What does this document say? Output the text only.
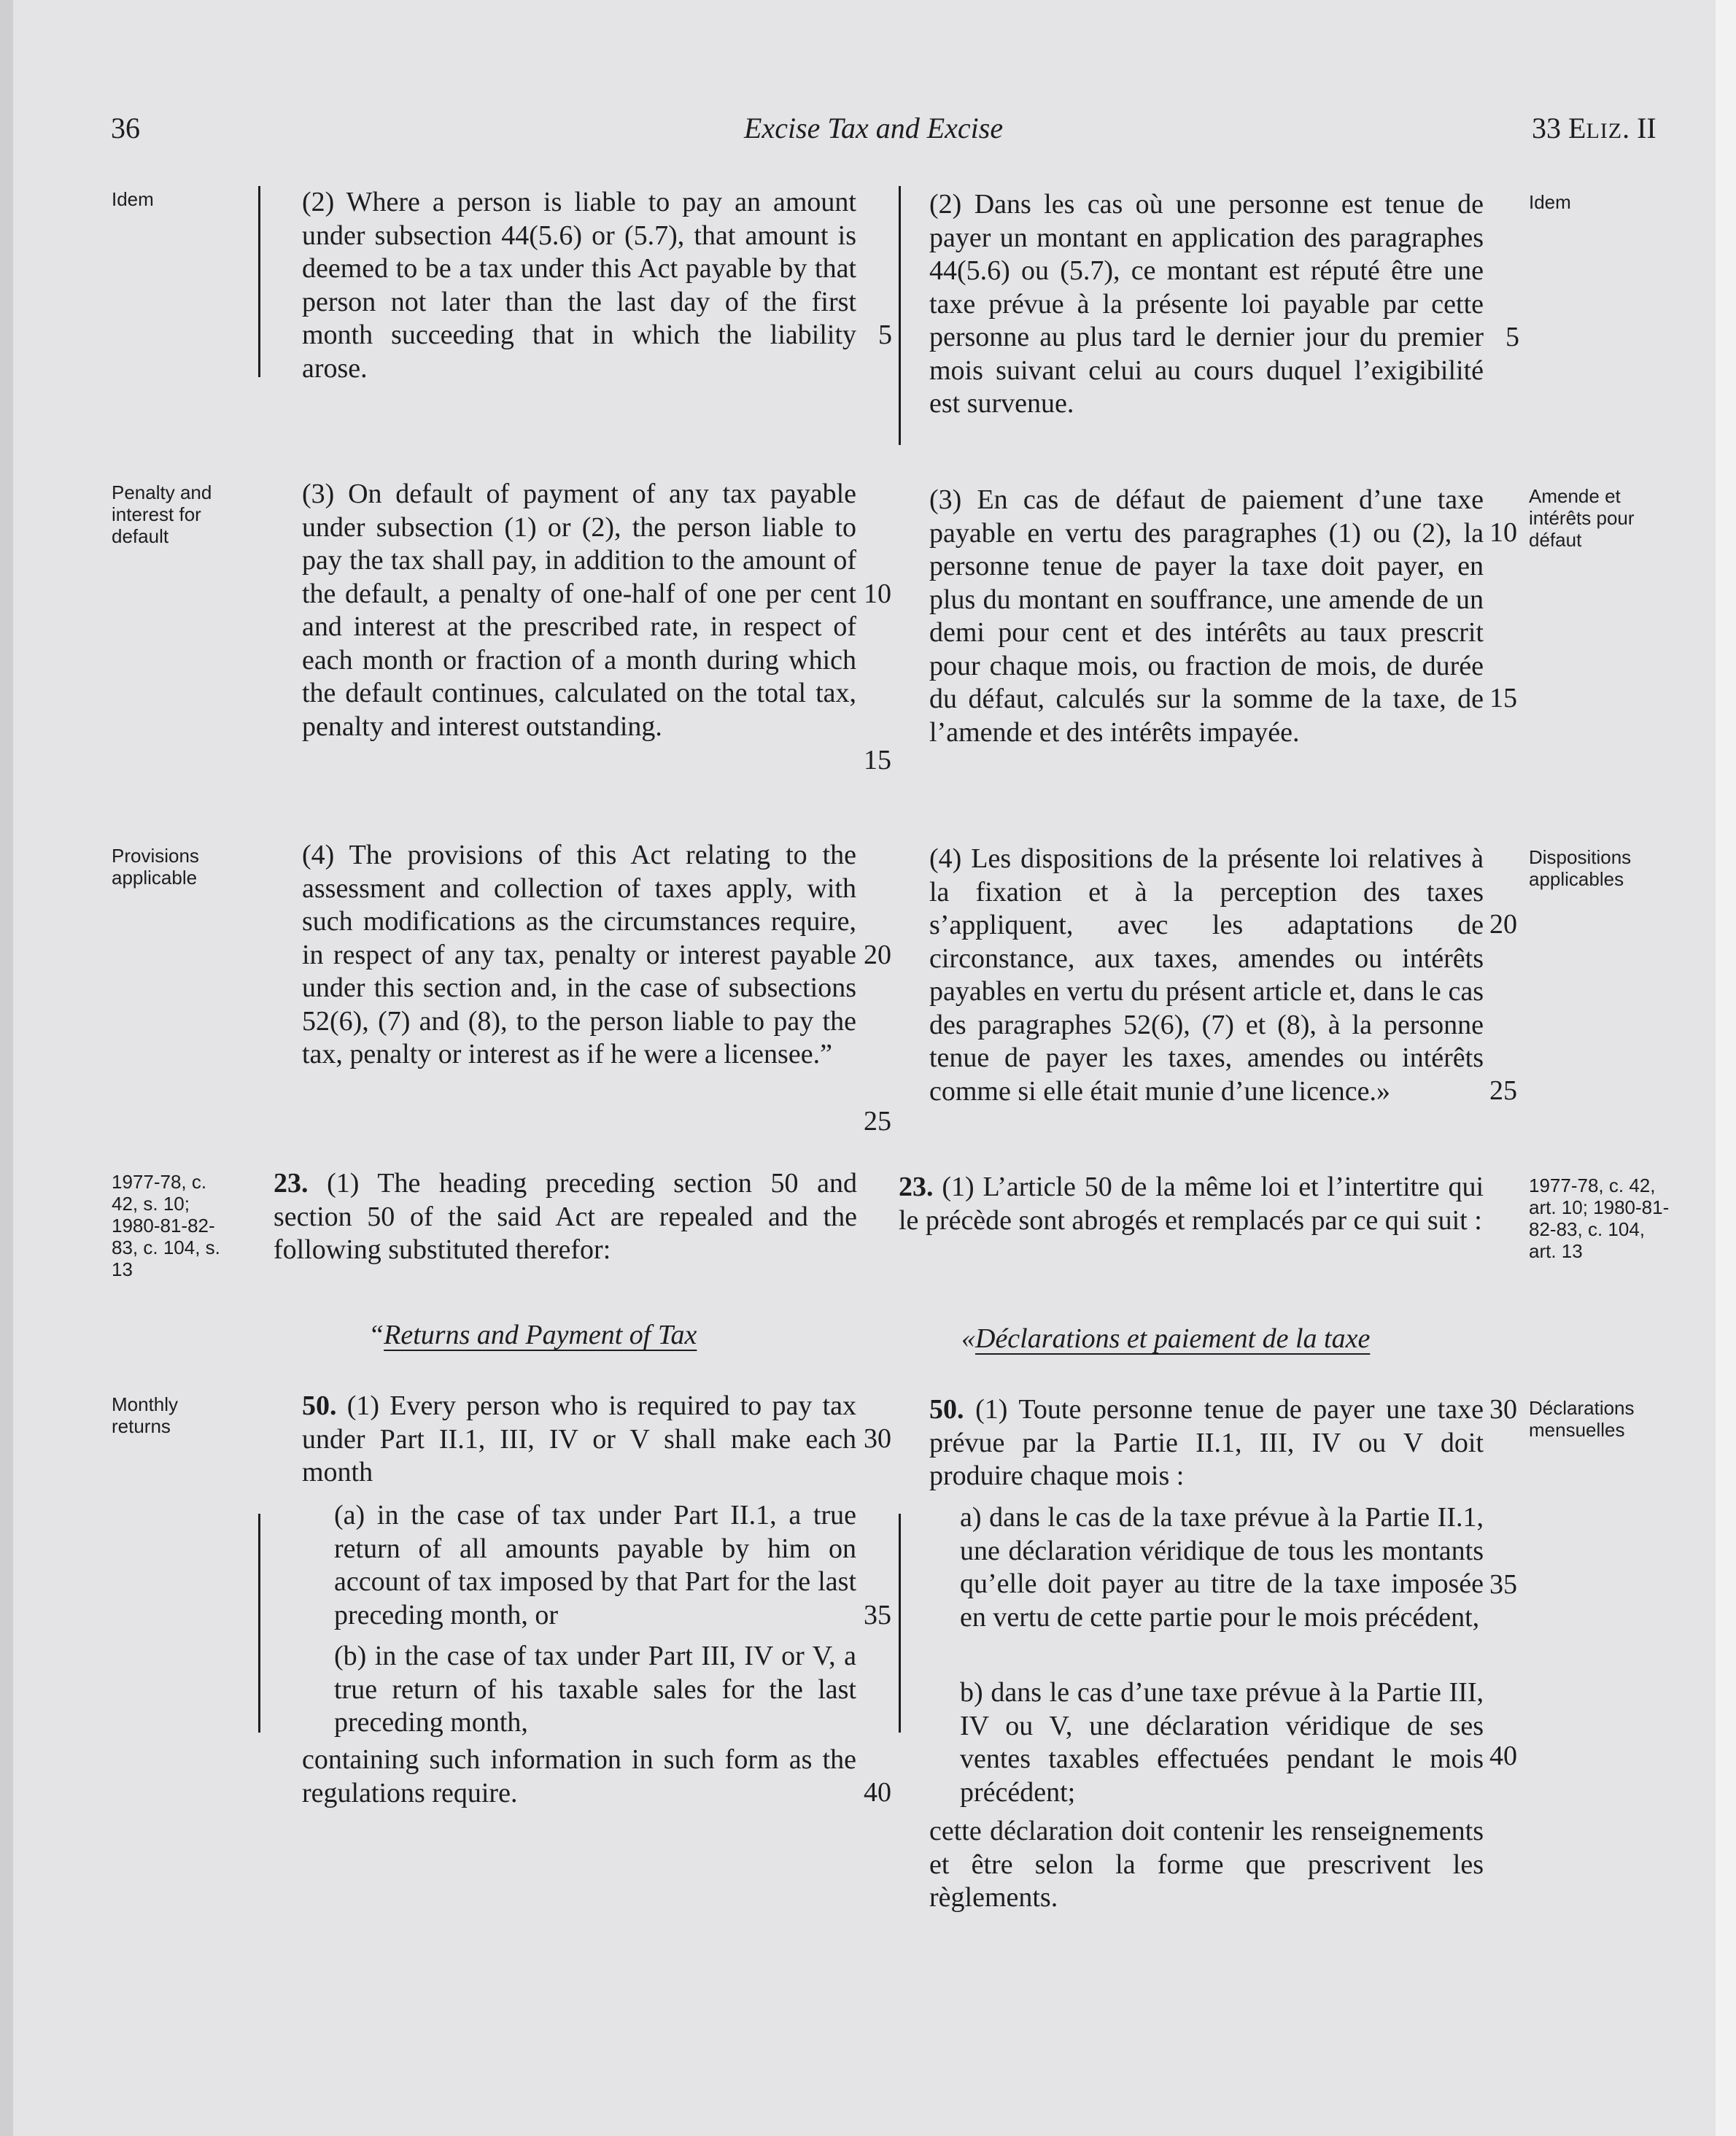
36	Excise Tax and Excise	33 ELIZ. II
Idem
Penalty and interest for default
Provisions applicable
1977-78, c. 42, s. 10; 1980-81-82-83, c. 104, s. 13
Monthly returns
Idem
Amende et intérêts pour défaut
Dispositions applicables
1977-78, c. 42, art. 10; 1980-81-82-83, c. 104, art. 13
Déclarations mensuelles

(2) Where a person is liable to pay an amount under subsection 44(5.6) or (5.7), that amount is deemed to be a tax under this Act payable by that person not later than the last day of the first month succeeding that in which the liability arose.

(3) On default of payment of any tax payable under subsection (1) or (2), the person liable to pay the tax shall pay, in addition to the amount of the default, a penalty of one-half of one per cent and interest at the prescribed rate, in respect of each month or fraction of a month during which the default continues, calculated on the total tax, penalty and interest outstanding.

(4) The provisions of this Act relating to the assessment and collection of taxes apply, with such modifications as the circumstances require, in respect of any tax, penalty or interest payable under this section and, in the case of subsections 52(6), (7) and (8), to the person liable to pay the tax, penalty or interest as if he were a licensee.”

23. (1) The heading preceding section 50 and section 50 of the said Act are repealed and the following substituted therefor:

“Returns and Payment of Tax

50. (1) Every person who is required to pay tax under Part II.1, III, IV or V shall make each month

(a) in the case of tax under Part II.1, a true return of all amounts payable by him on account of tax imposed by that Part for the last preceding month, or

(b) in the case of tax under Part III, IV or V, a true return of his taxable sales for the last preceding month,

containing such information in such form as the regulations require.

(2) Dans les cas où une personne est tenue de payer un montant en application des paragraphes 44(5.6) ou (5.7), ce montant est réputé être une taxe prévue à la présente loi payable par cette personne au plus tard le dernier jour du premier mois suivant celui au cours duquel l’exigibilité est survenue.

(3) En cas de défaut de paiement d’une taxe payable en vertu des paragraphes (1) ou (2), la personne tenue de payer la taxe doit payer, en plus du montant en souffrance, une amende de un demi pour cent et des intérêts au taux prescrit pour chaque mois, ou fraction de mois, de durée du défaut, calculés sur la somme de la taxe, de l’amende et des intérêts impayée.

(4) Les dispositions de la présente loi relatives à la fixation et à la perception des taxes s’appliquent, avec les adaptations de circonstance, aux taxes, amendes ou intérêts payables en vertu du présent article et, dans le cas des paragraphes 52(6), (7) et (8), à la personne tenue de payer les taxes, amendes ou intérêts comme si elle était munie d’une licence.»

23. (1) L’article 50 de la même loi et l’intertitre qui le précède sont abrogés et remplacés par ce qui suit :

«Déclarations et paiement de la taxe

50. (1) Toute personne tenue de payer une taxe prévue par la Partie II.1, III, IV ou V doit produire chaque mois :

a) dans le cas de la taxe prévue à la Partie II.1, une déclaration véridique de tous les montants qu’elle doit payer au titre de la taxe imposée en vertu de cette partie pour le mois précédent,

b) dans le cas d’une taxe prévue à la Partie III, IV ou V, une déclaration véridique de ses ventes taxables effectuées pendant le mois précédent;

cette déclaration doit contenir les renseignements et être selon la forme que prescrivent les règlements.

5
10
15
20
25
30
35
40
5
10
15
20
25
30
35
40
